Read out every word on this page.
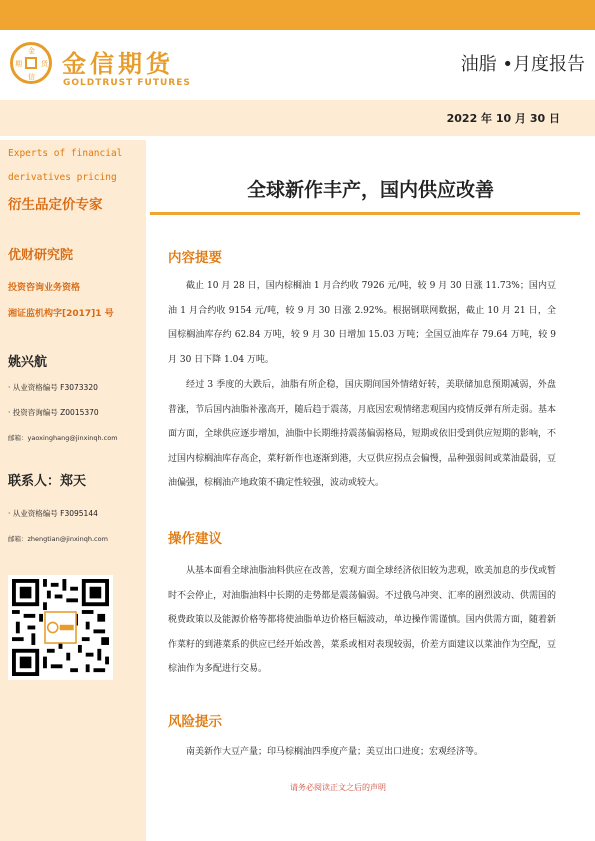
金
信
期	货 金信期货
GOLDTRUST FUTURES
油脂 •月度报告
2022 年 10 月 30 日
Experts of financial
derivatives pricing
衍生品定价专家
优财研究院
投资咨询业务资格
湘证监机构字[2017]1 号
姚兴航
· 从业资格编号 F3073320
· 投资咨询编号 Z0015370
邮箱：yaoxinghang@jinxinqh.com
联系人：郑天
· 从业资格编号 F3095144
邮箱：zhengtian@jinxinqh.com
全球新作丰产，国内供应改善
内容提要
截止 10 月 28 日，国内棕榈油 1 月合约收 7926 元/吨，较 9 月 30 日涨 11.73%；国内豆油 1 月合约收 9154 元/吨，较 9 月 30 日涨 2.92%。根据钢联网数据，截止 10 月 21 日，全国棕榈油库存约 62.84 万吨，较 9 月 30 日增加 15.03 万吨；全国豆油库存 79.64 万吨，较 9 月 30 日下降 1.04 万吨。
经过 3 季度的大跌后，油脂有所企稳，国庆期间国外情绪好转，美联储加息预期减弱，外盘普涨，节后国内油脂补涨高开，随后趋于震荡，月底因宏观情绪悲观国内疫情反弹有所走弱。基本面方面，全球供应逐步增加，油脂中长期维持震荡偏弱格局，短期或依旧受到供应短期的影响，不过国内棕榈油库存高企，菜籽新作也逐渐到港，大豆供应拐点会偏慢，品种强弱间或菜油最弱，豆油偏强，棕榈油产地政策不确定性较强，波动或较大。
操作建议
从基本面看全球油脂油料供应在改善，宏观方面全球经济依旧较为悲观，欧美加息的步伐或暂时不会停止，对油脂油料中长期的走势都是震荡偏弱。不过俄乌冲突、汇率的剧烈波动、供需国的税费政策以及能源价格等都将使油脂单边价格巨幅波动，单边操作需谨慎。国内供需方面，随着新作菜籽的到港菜系的供应已经开始改善，菜系或相对表现较弱，价差方面建议以菜油作为空配，豆棕油作为多配进行交易。
风险提示
南美新作大豆产量；印马棕榈油四季度产量；美豆出口进度；宏观经济等。
请务必阅读正文之后的声明
